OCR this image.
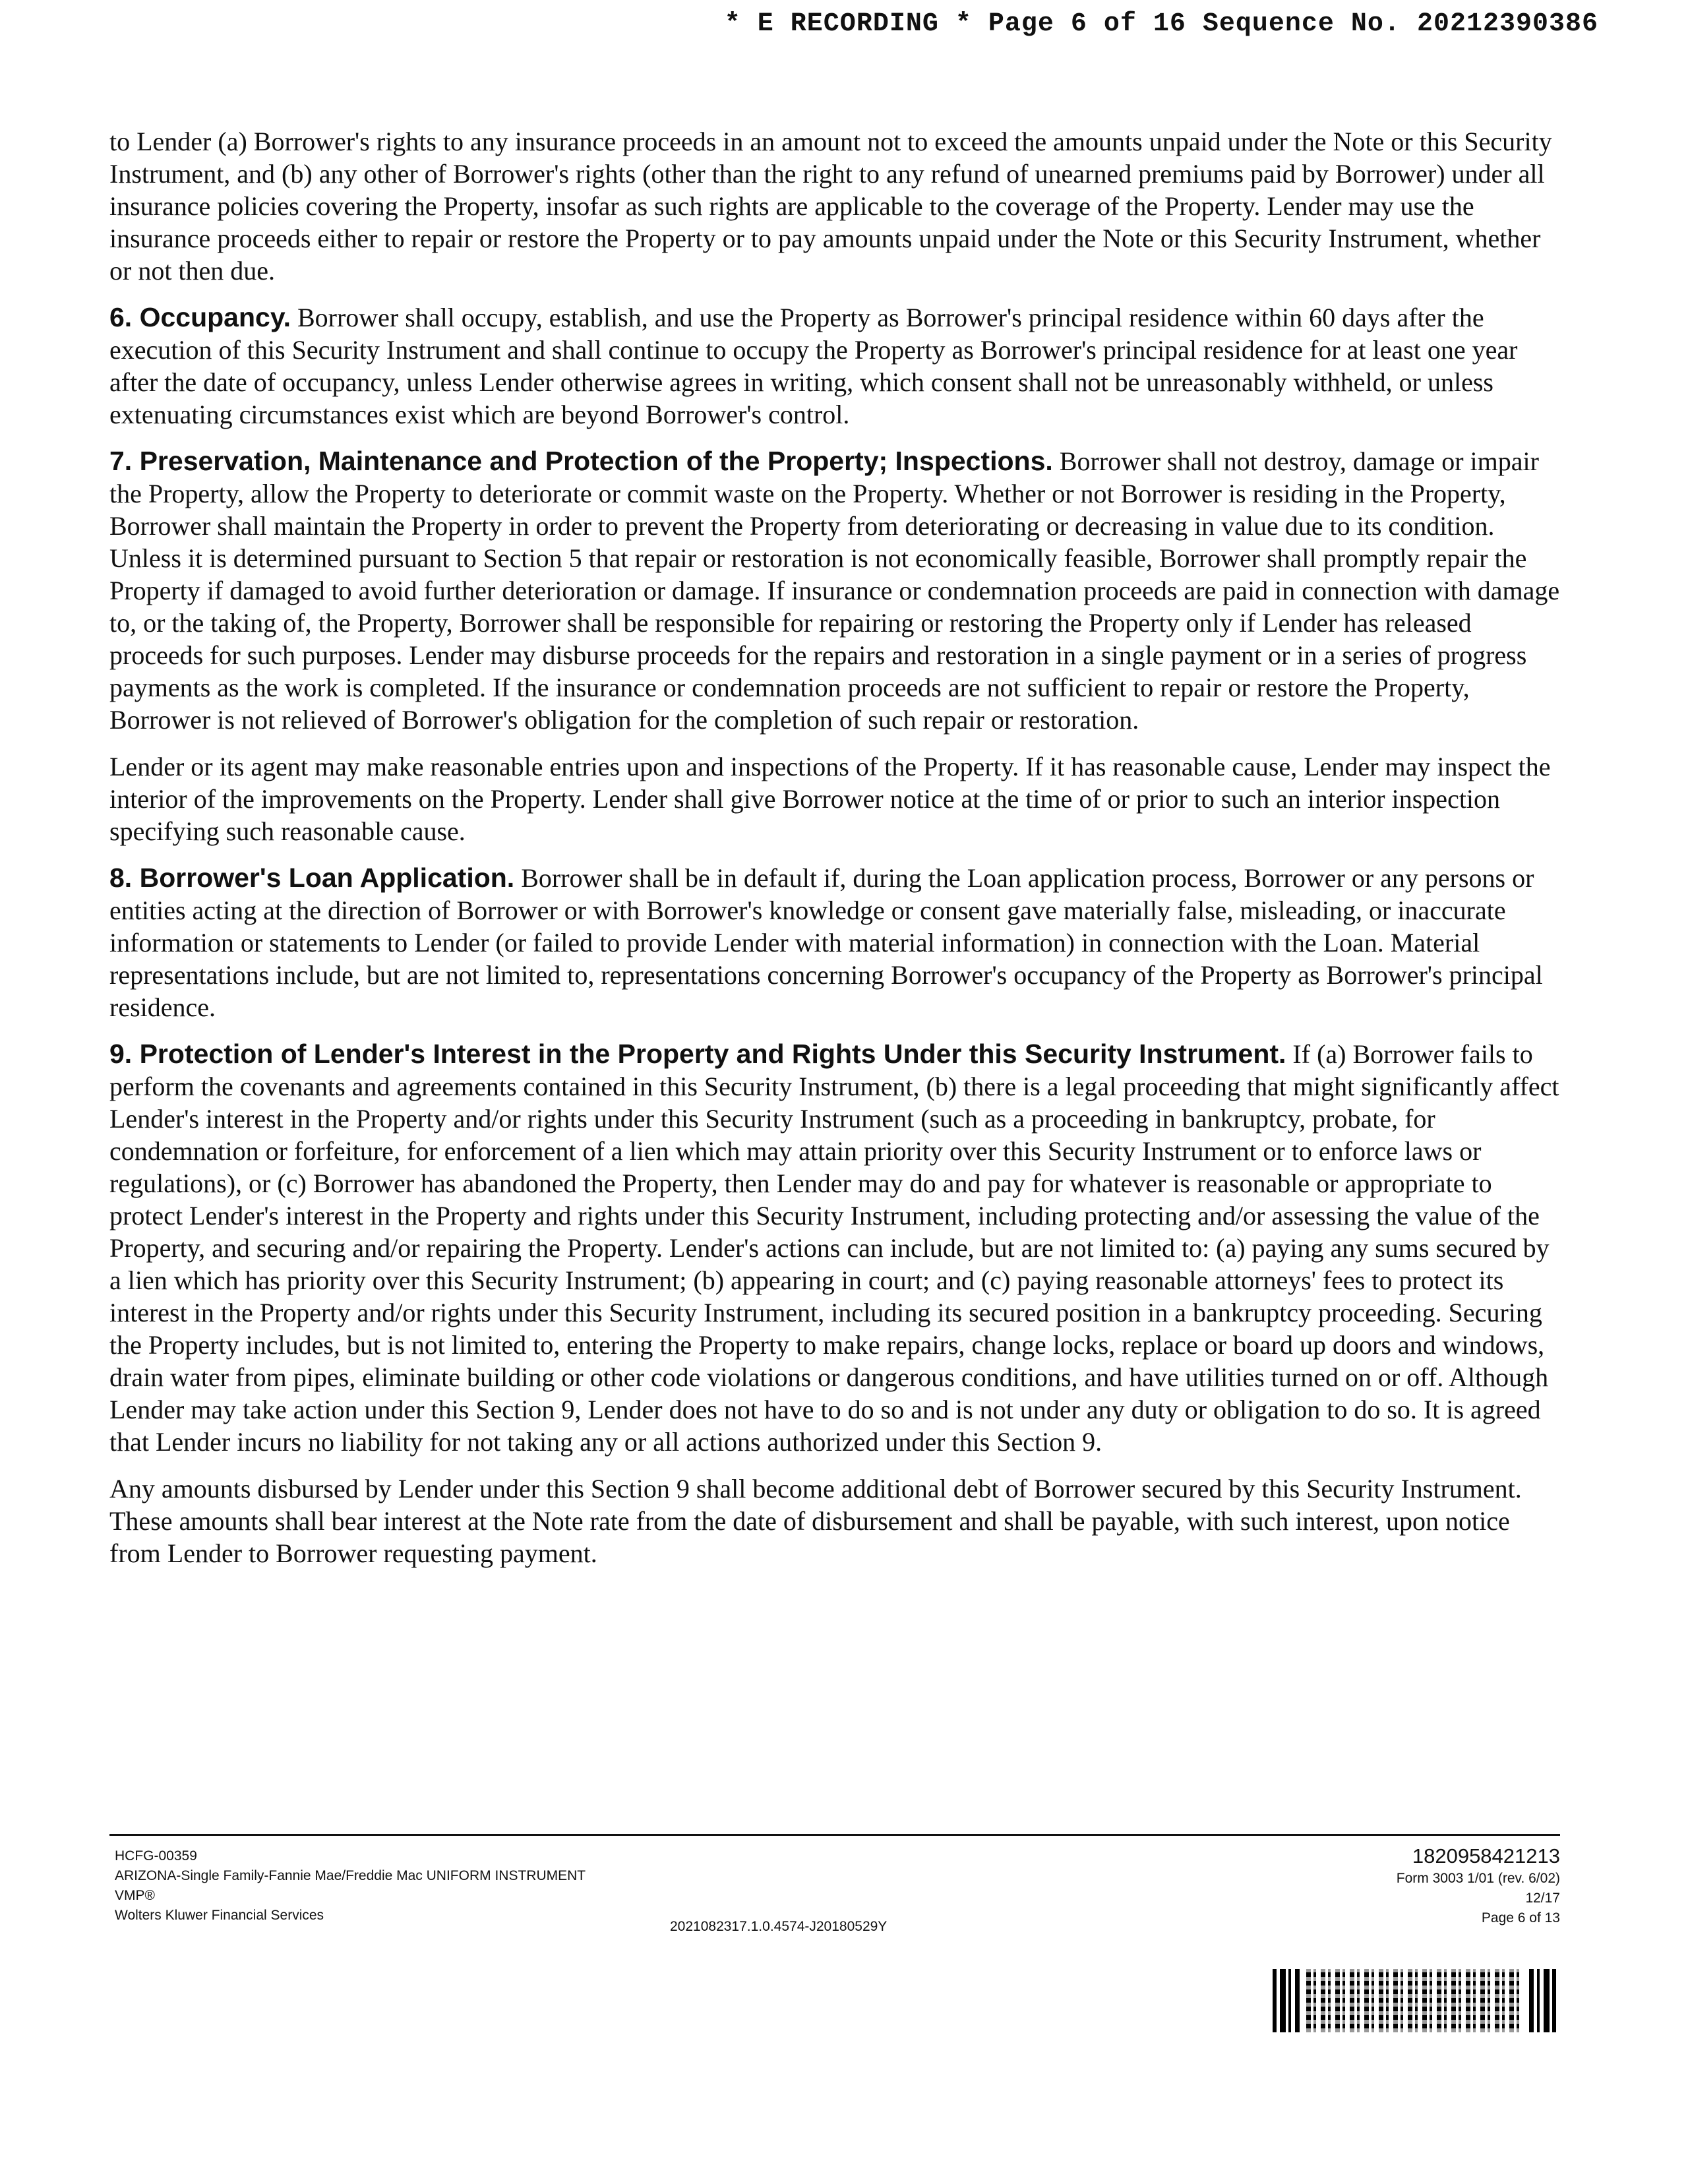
* E RECORDING * Page 6 of 16 Sequence No. 20212390386

to Lender (a) Borrower's rights to any insurance proceeds in an amount not to exceed the amounts unpaid under the Note or this Security Instrument, and (b) any other of Borrower's rights (other than the right to any refund of unearned premiums paid by Borrower) under all insurance policies covering the Property, insofar as such rights are applicable to the coverage of the Property. Lender may use the insurance proceeds either to repair or restore the Property or to pay amounts unpaid under the Note or this Security Instrument, whether or not then due.

6. Occupancy. Borrower shall occupy, establish, and use the Property as Borrower's principal residence within 60 days after the execution of this Security Instrument and shall continue to occupy the Property as Borrower's principal residence for at least one year after the date of occupancy, unless Lender otherwise agrees in writing, which consent shall not be unreasonably withheld, or unless extenuating circumstances exist which are beyond Borrower's control.

7. Preservation, Maintenance and Protection of the Property; Inspections. Borrower shall not destroy, damage or impair the Property, allow the Property to deteriorate or commit waste on the Property. Whether or not Borrower is residing in the Property, Borrower shall maintain the Property in order to prevent the Property from deteriorating or decreasing in value due to its condition. Unless it is determined pursuant to Section 5 that repair or restoration is not economically feasible, Borrower shall promptly repair the Property if damaged to avoid further deterioration or damage. If insurance or condemnation proceeds are paid in connection with damage to, or the taking of, the Property, Borrower shall be responsible for repairing or restoring the Property only if Lender has released proceeds for such purposes. Lender may disburse proceeds for the repairs and restoration in a single payment or in a series of progress payments as the work is completed. If the insurance or condemnation proceeds are not sufficient to repair or restore the Property, Borrower is not relieved of Borrower's obligation for the completion of such repair or restoration.

Lender or its agent may make reasonable entries upon and inspections of the Property. If it has reasonable cause, Lender may inspect the interior of the improvements on the Property. Lender shall give Borrower notice at the time of or prior to such an interior inspection specifying such reasonable cause.

8. Borrower's Loan Application. Borrower shall be in default if, during the Loan application process, Borrower or any persons or entities acting at the direction of Borrower or with Borrower's knowledge or consent gave materially false, misleading, or inaccurate information or statements to Lender (or failed to provide Lender with material information) in connection with the Loan. Material representations include, but are not limited to, representations concerning Borrower's occupancy of the Property as Borrower's principal residence.

9. Protection of Lender's Interest in the Property and Rights Under this Security Instrument. If (a) Borrower fails to perform the covenants and agreements contained in this Security Instrument, (b) there is a legal proceeding that might significantly affect Lender's interest in the Property and/or rights under this Security Instrument (such as a proceeding in bankruptcy, probate, for condemnation or forfeiture, for enforcement of a lien which may attain priority over this Security Instrument or to enforce laws or regulations), or (c) Borrower has abandoned the Property, then Lender may do and pay for whatever is reasonable or appropriate to protect Lender's interest in the Property and rights under this Security Instrument, including protecting and/or assessing the value of the Property, and securing and/or repairing the Property. Lender's actions can include, but are not limited to: (a) paying any sums secured by a lien which has priority over this Security Instrument; (b) appearing in court; and (c) paying reasonable attorneys' fees to protect its interest in the Property and/or rights under this Security Instrument, including its secured position in a bankruptcy proceeding. Securing the Property includes, but is not limited to, entering the Property to make repairs, change locks, replace or board up doors and windows, drain water from pipes, eliminate building or other code violations or dangerous conditions, and have utilities turned on or off. Although Lender may take action under this Section 9, Lender does not have to do so and is not under any duty or obligation to do so. It is agreed that Lender incurs no liability for not taking any or all actions authorized under this Section 9.

Any amounts disbursed by Lender under this Section 9 shall become additional debt of Borrower secured by this Security Instrument. These amounts shall bear interest at the Note rate from the date of disbursement and shall be payable, with such interest, upon notice from Lender to Borrower requesting payment.

HCFG-00359
ARIZONA-Single Family-Fannie Mae/Freddie Mac UNIFORM INSTRUMENT
VMP®
Wolters Kluwer Financial Services
2021082317.1.0.4574-J20180529Y
1820958421213
Form 3003 1/01 (rev. 6/02)
12/17
Page 6 of 13
